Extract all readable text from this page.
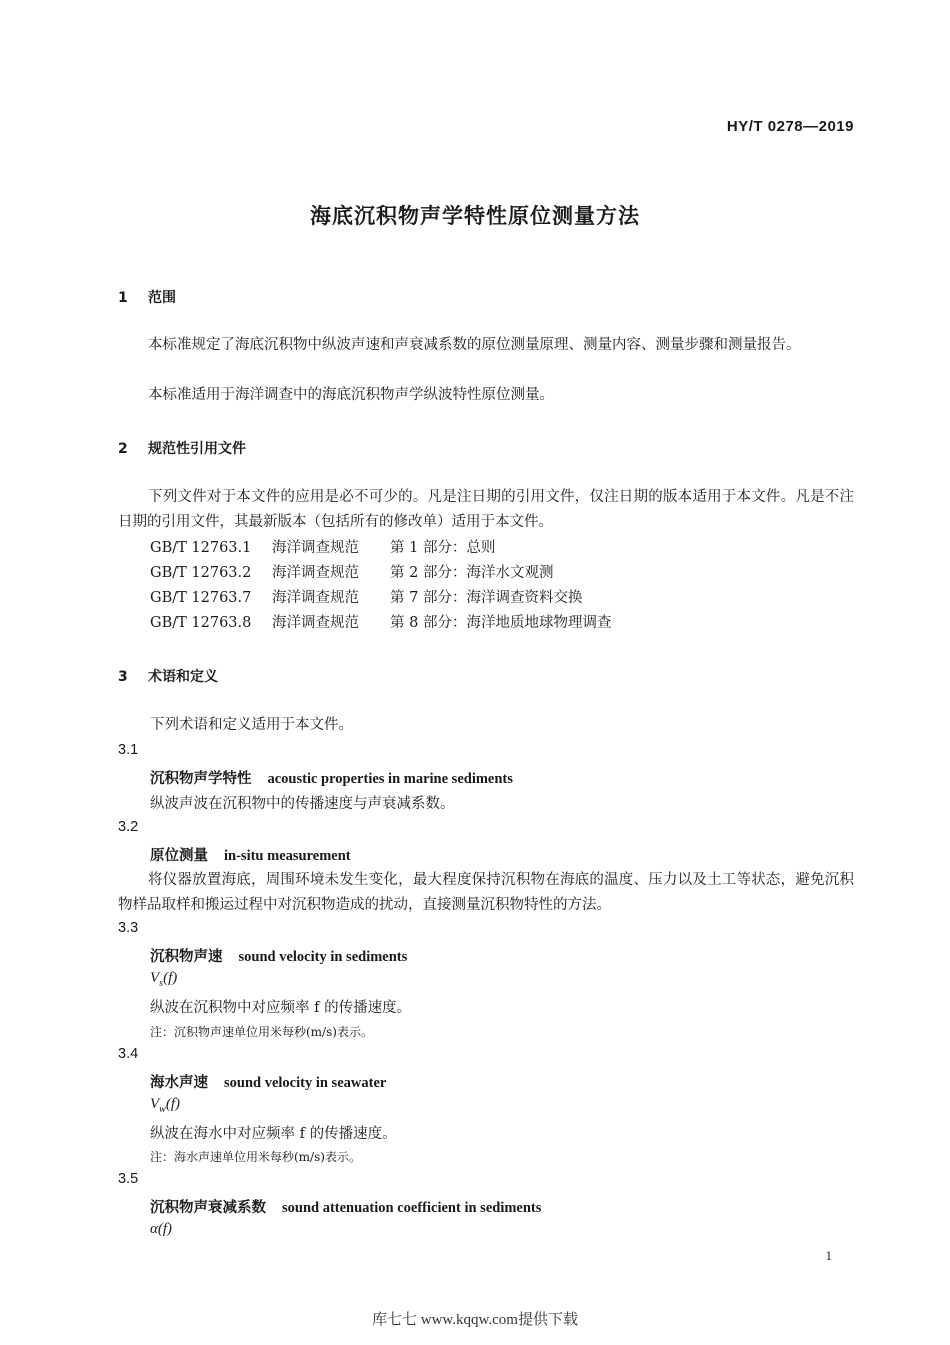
HY/T 0278—2019
海底沉积物声学特性原位测量方法
1 范围
本标准规定了海底沉积物中纵波声速和声衰减系数的原位测量原理、测量内容、测量步骤和测量报告。
本标准适用于海洋调查中的海底沉积物声学纵波特性原位测量。
2 规范性引用文件
下列文件对于本文件的应用是必不可少的。凡是注日期的引用文件，仅注日期的版本适用于本文件。凡是不注日期的引用文件，其最新版本（包括所有的修改单）适用于本文件。
GB/T 12763.1 海洋调查规范 第 1 部分：总则
GB/T 12763.2 海洋调查规范 第 2 部分：海洋水文观测
GB/T 12763.7 海洋调查规范 第 7 部分：海洋调查资料交换
GB/T 12763.8 海洋调查规范 第 8 部分：海洋地质地球物理调查
3 术语和定义
下列术语和定义适用于本文件。
3.1
沉积物声学特性 acoustic properties in marine sediments
纵波声波在沉积物中的传播速度与声衰减系数。
3.2
原位测量 in-situ measurement
将仪器放置海底，周围环境未发生变化，最大程度保持沉积物在海底的温度、压力以及土工等状态，避免沉积物样品取样和搬运过程中对沉积物造成的扰动，直接测量沉积物特性的方法。
3.3
沉积物声速 sound velocity in sediments
$V_s(f)$
纵波在沉积物中对应频率 f 的传播速度。
注：沉积物声速单位用米每秒(m/s)表示。
3.4
海水声速 sound velocity in seawater
$V_w(f)$
纵波在海水中对应频率 f 的传播速度。
注：海水声速单位用米每秒(m/s)表示。
3.5
沉积物声衰减系数 sound attenuation coefficient in sediments
α(f)
1
库七七 www.kqqw.com提供下载
